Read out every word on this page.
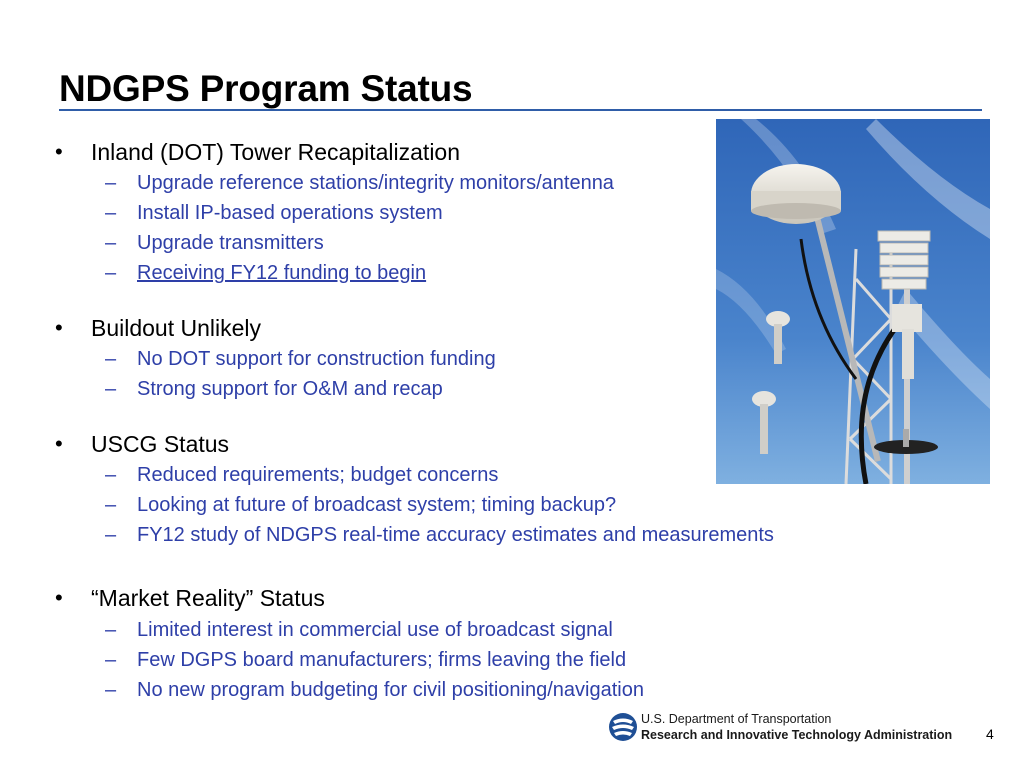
NDGPS Program Status
• Inland (DOT) Tower Recapitalization
– Upgrade reference stations/integrity monitors/antenna
– Install IP-based operations system
– Upgrade transmitters
– Receiving FY12 funding to begin
• Buildout Unlikely
– No DOT support for construction funding
– Strong support for O&M and recap
• USCG Status
– Reduced requirements; budget concerns
– Looking at future of broadcast system; timing backup?
– FY12 study of NDGPS real-time accuracy estimates and measurements
• “Market Reality” Status
– Limited interest in commercial use of broadcast signal
– Few DGPS board manufacturers; firms leaving the field
– No new program budgeting for civil positioning/navigation
U.S. Department of Transportation
Research and Innovative Technology Administration 4
